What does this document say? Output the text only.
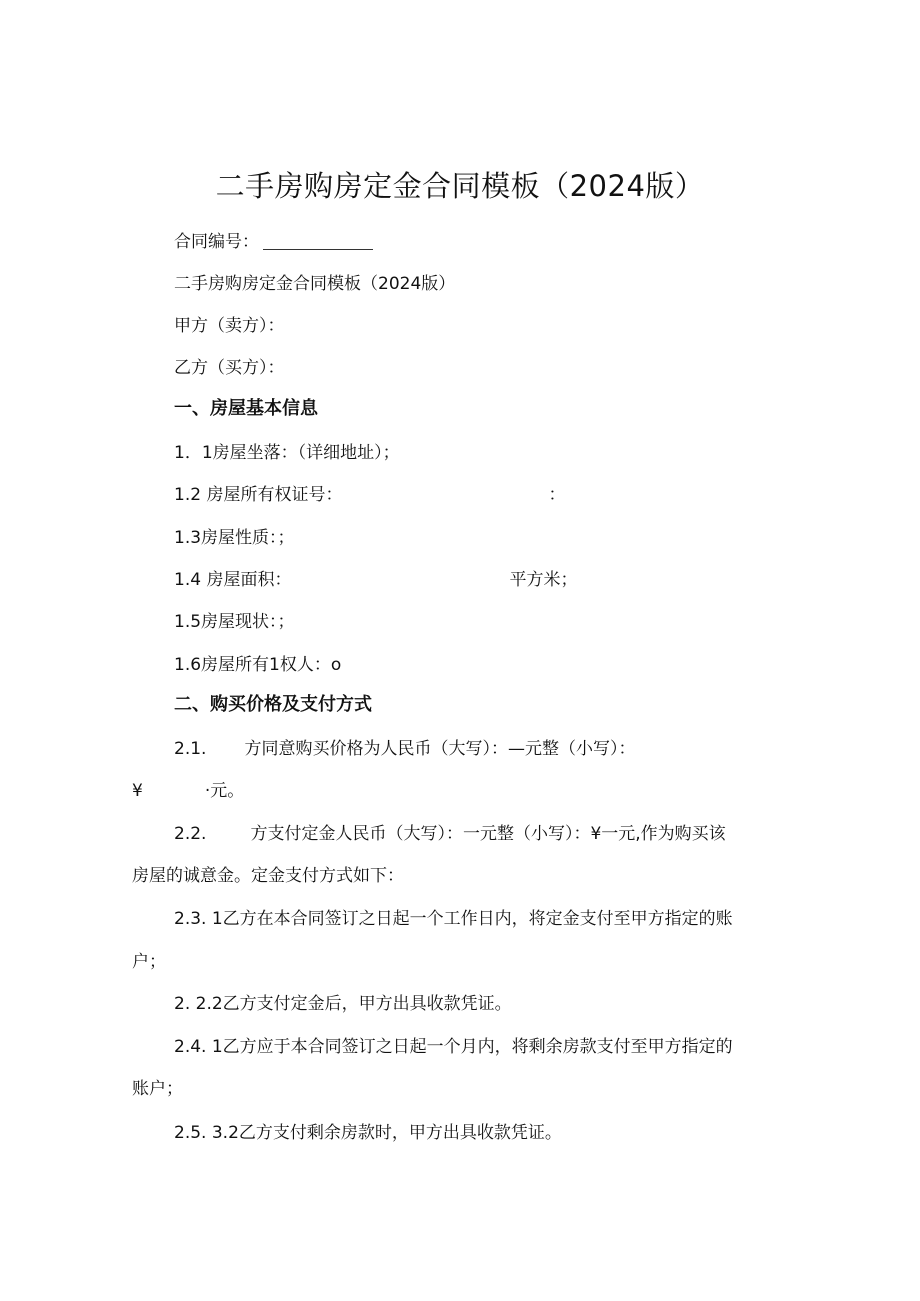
二手房购房定金合同模板（2024版）
合同编号：
二手房购房定金合同模板（2024版）
甲方（卖方）：
乙方（买方）：
一、房屋基本信息
1．1房屋坐落：（详细地址）；
1.2 房屋所有权证号：	：
1.3房屋性质：；
1.4 房屋面积：	平方米；
1.5房屋现状：；
1.6房屋所有1权人：o
二、购买价格及支付方式
2.1. 方同意购买价格为人民币（大写）：—元整（小写）：
¥	·元。
2.2.	方支付定金人民币（大写）：一元整（小写）：¥一元,作为购买该
房屋的诚意金。定金支付方式如下：
2.3. 1乙方在本合同签订之日起一个工作日内，将定金支付至甲方指定的账
户；
2. 2.2乙方支付定金后，甲方出具收款凭证。
2.4. 1乙方应于本合同签订之日起一个月内，将剩余房款支付至甲方指定的
账户；
2.5. 3.2乙方支付剩余房款时，甲方出具收款凭证。
